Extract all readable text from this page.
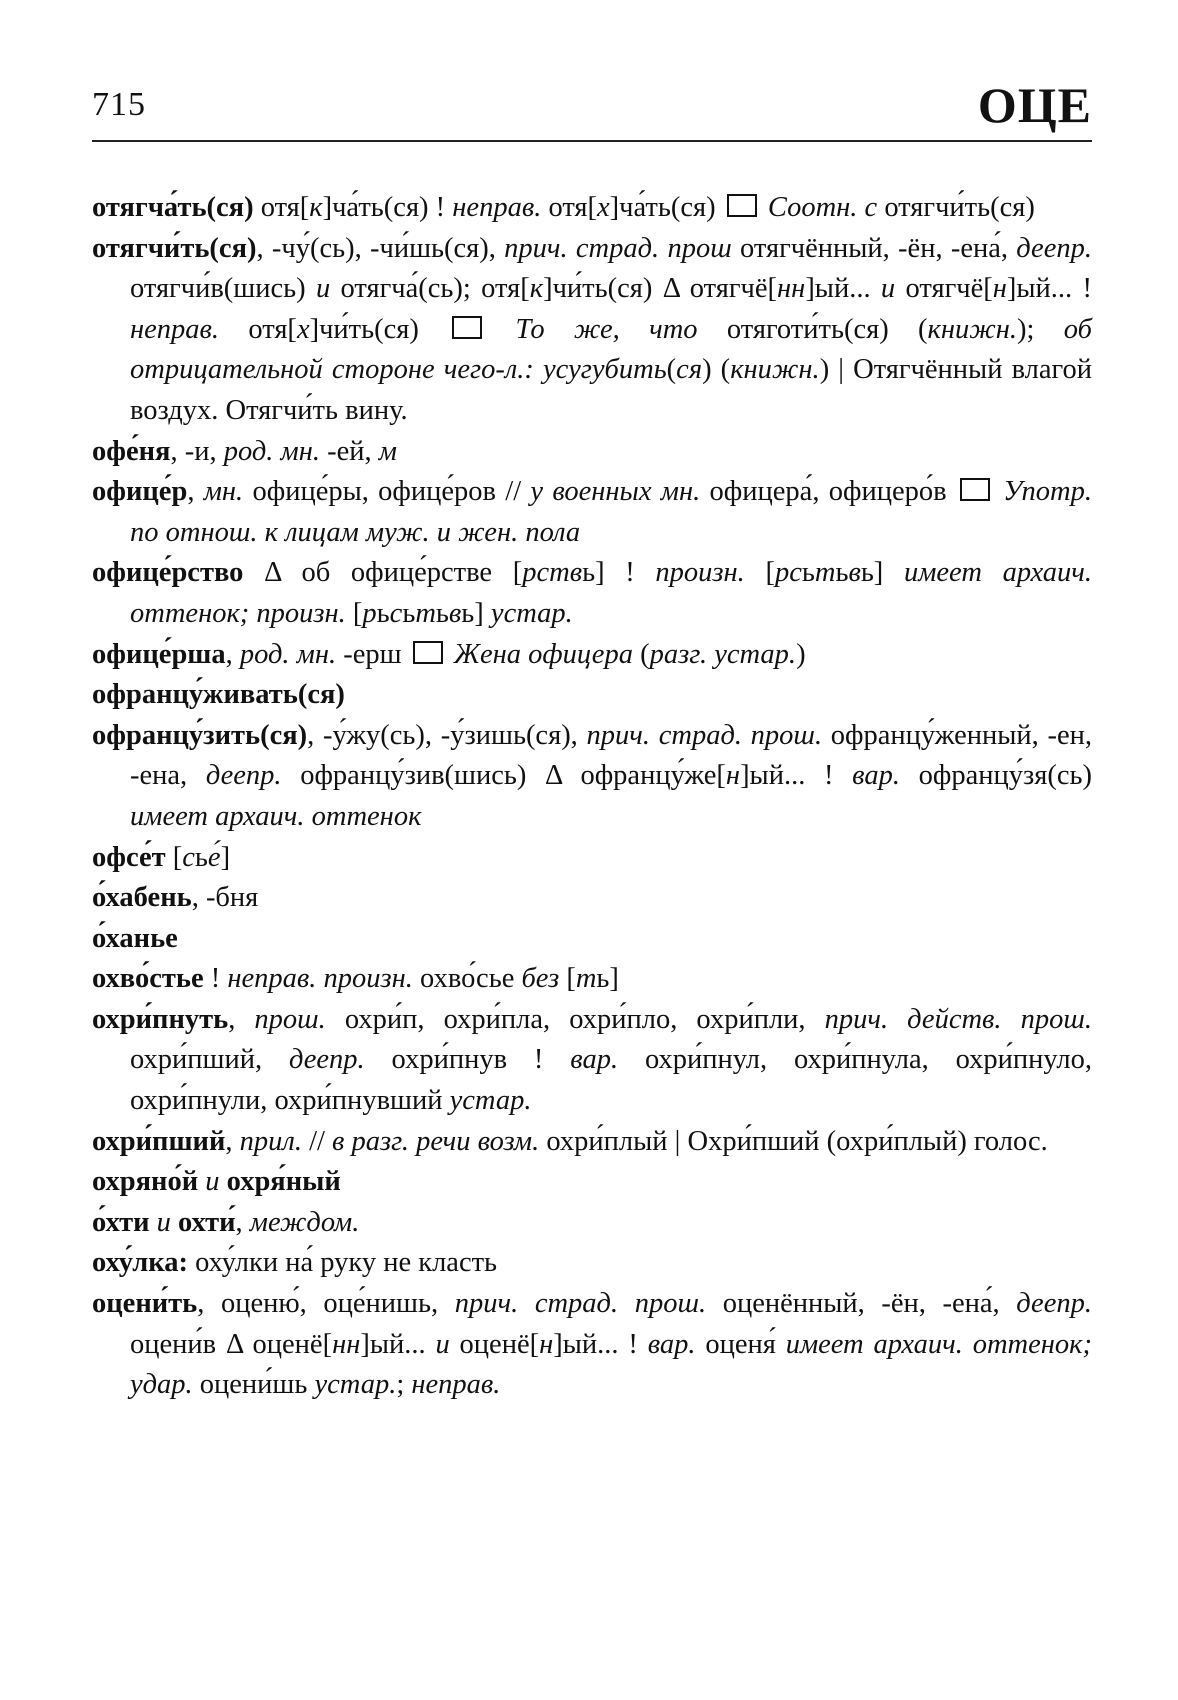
715	ОЦЕ

отягча́ть(ся) отя[к]ча́ть(ся) ! неправ. отя[х]ча́ть(ся)  Соотн. с отягчи́ть(ся)

отягчи́ть(ся), -чу́(сь), -чи́шь(ся), прич. страд. прош отягчённый, -ён, -ена́, деепр. отягчи́в(шись) и отягча́(сь); отя[к]чи́ть(ся) Δ отягчё[нн]ый... и отягчё[н]ый... ! неправ. отя[х]чи́ть(ся)  То же, что отяготи́ть(ся) (книжн.); об отрицательной стороне чего-л.: усугубить(ся) (книжн.) | Отягчённый влагой воздух. Отягчи́ть вину.

офе́ня, -и, род. мн. -ей, м

офице́р, мн. офице́ры, офице́ров // у военных мн. офицера́, офицеро́в  Употр. по отнош. к лицам муж. и жен. пола

офице́рство Δ об офице́рстве [рствь] ! произн. [рсьтьвь] имеет архаич. оттенок; произн. [рьсьтьвь] устар.

офице́рша, род. мн. -ерш  Жена офицера (разг. устар.)

офранцу́живать(ся)

офранцу́зить(ся), -у́жу(сь), -у́зишь(ся), прич. страд. прош. офранцу́женный, -ен, -ена, деепр. офранцу́зив(шись) Δ офранцу́же[н]ый... ! вар. офранцу́зя(сь) имеет архаич. оттенок

офсе́т [сье́]

о́хабень, -бня

о́ханье

охво́стье ! неправ. произн. охво́сье без [ть]

охри́пнуть, прош. охри́п, охри́пла, охри́пло, охри́пли, прич. действ. прош. охри́пший, деепр. охри́пнув ! вар. охри́пнул, охри́пнула, охри́пнуло, охри́пнули, охри́пнувший устар.

охри́пший, прил. // в разг. речи возм. охри́плый | Охри́пший (охри́плый) голос.

охряно́й и охря́ный

о́хти и охти́, междом.

оху́лка: оху́лки на́ руку не класть

оцени́ть, оценю́, оце́нишь, прич. страд. прош. оценённый, -ён, -ена́, деепр. оцени́в Δ оценё[нн]ый... и оценё[н]ый... ! вар. оценя́ имеет архаич. оттенок; удар. оцени́шь устар.; неправ.
